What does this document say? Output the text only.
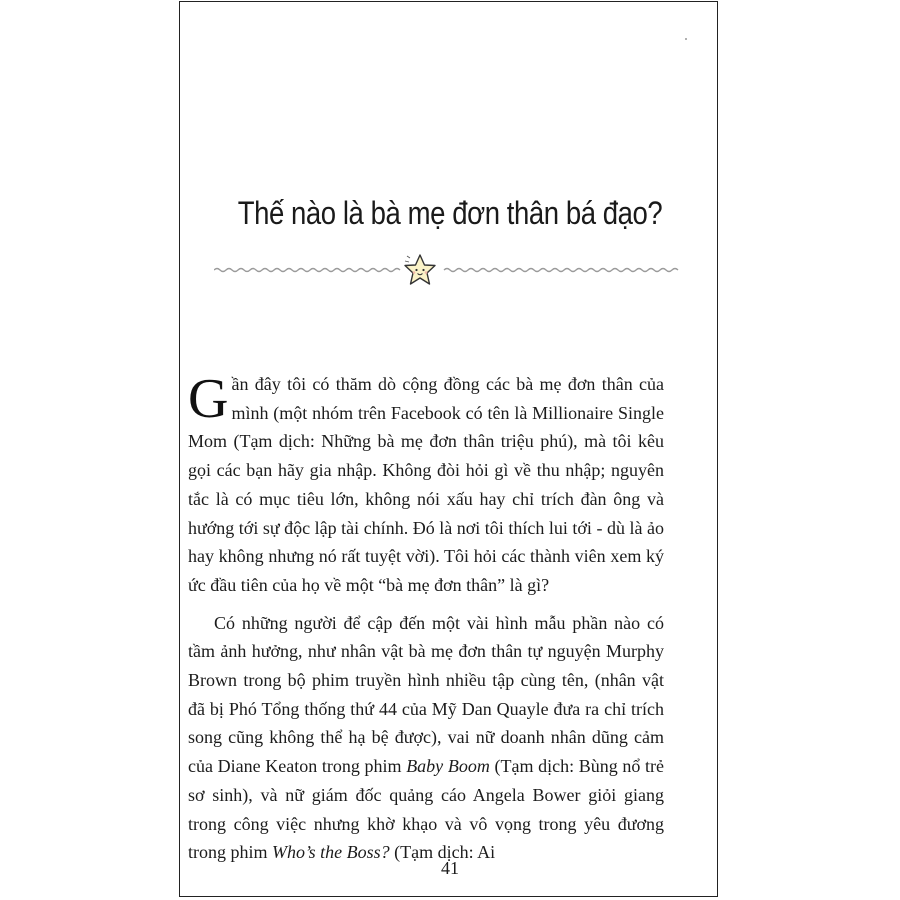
Thế nào là bà mẹ đơn thân bá đạo?

Gần đây tôi có thăm dò cộng đồng các bà mẹ đơn thân của mình (một nhóm trên Facebook có tên là Millionaire Single Mom (Tạm dịch: Những bà mẹ đơn thân triệu phú), mà tôi kêu gọi các bạn hãy gia nhập. Không đòi hỏi gì về thu nhập; nguyên tắc là có mục tiêu lớn, không nói xấu hay chỉ trích đàn ông và hướng tới sự độc lập tài chính. Đó là nơi tôi thích lui tới - dù là ảo hay không nhưng nó rất tuyệt vời). Tôi hỏi các thành viên xem ký ức đầu tiên của họ về một “bà mẹ đơn thân” là gì?

Có những người để cập đến một vài hình mẫu phần nào có tầm ảnh hưởng, như nhân vật bà mẹ đơn thân tự nguyện Murphy Brown trong bộ phim truyền hình nhiều tập cùng tên, (nhân vật đã bị Phó Tổng thống thứ 44 của Mỹ Dan Quayle đưa ra chỉ trích song cũng không thể hạ bệ được), vai nữ doanh nhân dũng cảm của Diane Keaton trong phim Baby Boom (Tạm dịch: Bùng nổ trẻ sơ sinh), và nữ giám đốc quảng cáo Angela Bower giỏi giang trong công việc nhưng khờ khạo và vô vọng trong yêu đương trong phim Who’s the Boss? (Tạm dịch: Ai

41
